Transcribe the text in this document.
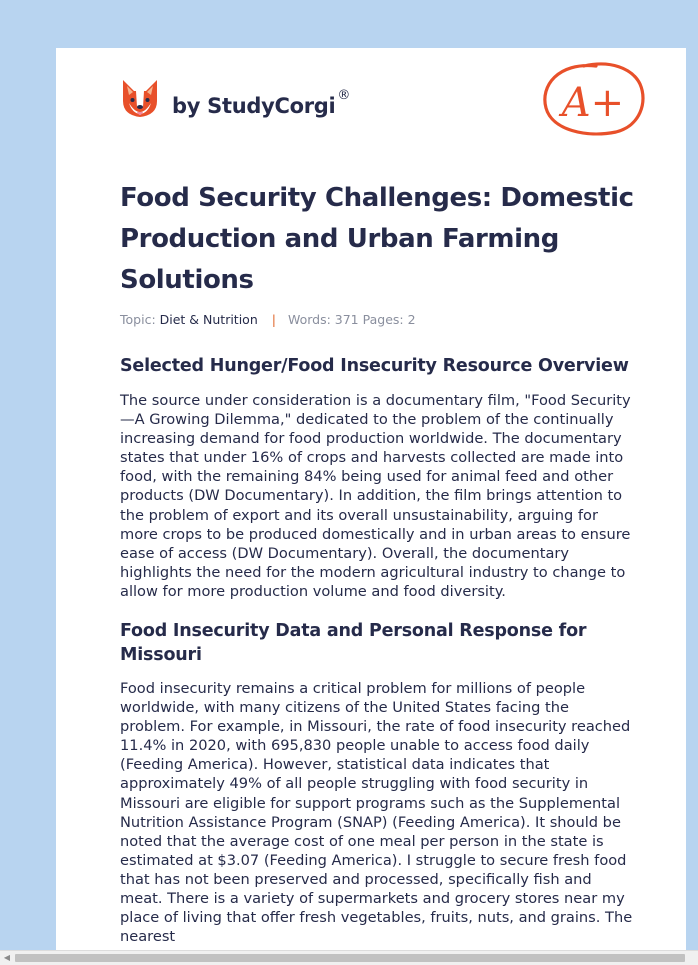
by StudyCorgi ®	A+
Food Security Challenges: Domestic Production and Urban Farming Solutions
Topic: Diet & Nutrition | Words: 371 Pages: 2
Selected Hunger/Food Insecurity Resource Overview

The source under consideration is a documentary film, "Food Security—A Growing Dilemma," dedicated to the problem of the continually increasing demand for food production worldwide. The documentary states that under 16% of crops and harvests collected are made into food, with the remaining 84% being used for animal feed and other products (DW Documentary). In addition, the film brings attention to the problem of export and its overall unsustainability, arguing for more crops to be produced domestically and in urban areas to ensure ease of access (DW Documentary). Overall, the documentary highlights the need for the modern agricultural industry to change to allow for more production volume and food diversity.

Food Insecurity Data and Personal Response for Missouri

Food insecurity remains a critical problem for millions of people worldwide, with many citizens of the United States facing the problem. For example, in Missouri, the rate of food insecurity reached 11.4% in 2020, with 695,830 people unable to access food daily (Feeding America). However, statistical data indicates that approximately 49% of all people struggling with food security in Missouri are eligible for support programs such as the Supplemental Nutrition Assistance Program (SNAP) (Feeding America). It should be noted that the average cost of one meal per person in the state is estimated at $3.07 (Feeding America). I struggle to secure fresh food that has not been preserved and processed, specifically fish and meat. There is a variety of supermarkets and grocery stores near my place of living that offer fresh vegetables, fruits, nuts, and grains. The nearest

◀
